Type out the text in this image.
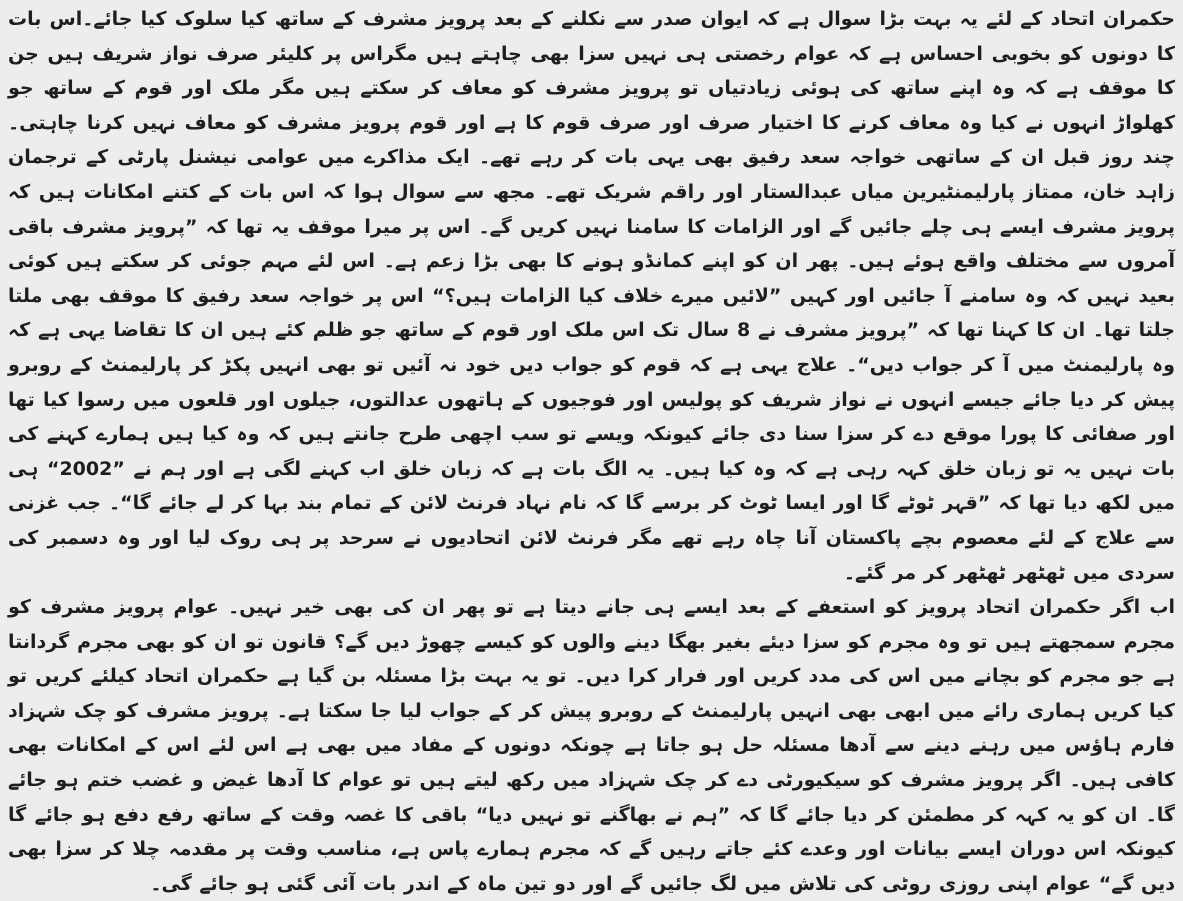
حکمران اتحاد کے لئے یہ بہت بڑا سوال ہے کہ ایوان صدر سے نکلنے کے بعد پرویز مشرف کے ساتھ کیا سلوک کیا جائے۔اس بات کا دونوں کو بخوبی احساس ہے کہ عوام رخصتی ہی نہیں سزا بھی چاہتے ہیں مگراس پر کلیئر صرف نواز شریف ہیں جن کا موقف ہے کہ وہ اپنے ساتھ کی ہوئی زیادتیاں تو پرویز مشرف کو معاف کر سکتے ہیں مگر ملک اور قوم کے ساتھ جو کھلواڑ انہوں نے کیا وہ معاف کرنے کا اختیار صرف اور صرف قوم کا ہے اور قوم پرویز مشرف کو معاف نہیں کرنا چاہتی۔ چند روز قبل ان کے ساتھی خواجہ سعد رفیق بھی یہی بات کر رہے تھے۔ ایک مذاکرے میں عوامی نیشنل پارٹی کے ترجمان زاہد خان، ممتاز پارلیمنٹیرین میاں عبدالستار اور راقم شریک تھے۔ مجھ سے سوال ہوا کہ اس بات کے کتنے امکانات ہیں کہ پرویز مشرف ایسے ہی چلے جائیں گے اور الزامات کا سامنا نہیں کریں گے۔ اس پر میرا موقف یہ تھا کہ ”پرویز مشرف باقی آمروں سے مختلف واقع ہوئے ہیں۔ پھر ان کو اپنے کمانڈو ہونے کا بھی بڑا زعم ہے۔ اس لئے مہم جوئی کر سکتے ہیں کوئی بعید نہیں کہ وہ سامنے آ جائیں اور کہیں ”لائیں میرے خلاف کیا الزامات ہیں؟“ اس پر خواجہ سعد رفیق کا موقف بھی ملتا جلتا تھا۔ ان کا کہنا تھا کہ ”پرویز مشرف نے 8 سال تک اس ملک اور قوم کے ساتھ جو ظلم کئے ہیں ان کا تقاضا یہی ہے کہ وہ پارلیمنٹ میں آ کر جواب دیں“۔ علاج یہی ہے کہ قوم کو جواب دیں خود نہ آئیں تو بھی انہیں پکڑ کر پارلیمنٹ کے روبرو پیش کر دیا جائے جیسے انہوں نے نواز شریف کو پولیس اور فوجیوں کے ہاتھوں عدالتوں، جیلوں اور قلعوں میں رسوا کیا تھا اور صفائی کا پورا موقع دے کر سزا سنا دی جائے کیونکہ ویسے تو سب اچھی طرح جانتے ہیں کہ وہ کیا ہیں ہمارے کہنے کی بات نہیں یہ تو زبان خلق کہہ رہی ہے کہ وہ کیا ہیں۔ یہ الگ بات ہے کہ زبان خلق اب کہنے لگی ہے اور ہم نے ”2002“ ہی میں لکھ دیا تھا کہ ”قہر ٹوٹے گا اور ایسا ٹوٹ کر برسے گا کہ نام نہاد فرنٹ لائن کے تمام بند بہا کر لے جائے گا“۔ جب غزنی سے علاج کے لئے معصوم بچے پاکستان آنا چاہ رہے تھے مگر فرنٹ لائن اتحادیوں نے سرحد پر ہی روک لیا اور وہ دسمبر کی سردی میں ٹھٹھر ٹھٹھر کر مر گئے۔

اب اگر حکمران اتحاد پرویز کو استعفے کے بعد ایسے ہی جانے دیتا ہے تو پھر ان کی بھی خیر نہیں۔ عوام پرویز مشرف کو مجرم سمجھتے ہیں تو وہ مجرم کو سزا دیئے بغیر بھگا دینے والوں کو کیسے چھوڑ دیں گے؟ قانون تو ان کو بھی مجرم گردانتا ہے جو مجرم کو بچانے میں اس کی مدد کریں اور فرار کرا دیں۔ تو یہ بہت بڑا مسئلہ بن گیا ہے حکمران اتحاد کیلئے کریں تو کیا کریں ہماری رائے میں ابھی بھی انہیں پارلیمنٹ کے روبرو پیش کر کے جواب لیا جا سکتا ہے۔ پرویز مشرف کو چک شہزاد فارم ہاؤس میں رہنے دینے سے آدھا مسئلہ حل ہو جاتا ہے چونکہ دونوں کے مفاد میں بھی ہے اس لئے اس کے امکانات بھی کافی ہیں۔ اگر پرویز مشرف کو سیکیورٹی دے کر چک شہزاد میں رکھ لیتے ہیں تو عوام کا آدھا غیض و غضب ختم ہو جائے گا۔ ان کو یہ کہہ کر مطمئن کر دیا جائے گا کہ ”ہم نے بھاگنے تو نہیں دیا“ باقی کا غصہ وقت کے ساتھ رفع دفع ہو جائے گا کیونکہ اس دوران ایسے بیانات اور وعدے کئے جاتے رہیں گے کہ مجرم ہمارے پاس ہے، مناسب وقت پر مقدمہ چلا کر سزا بھی دیں گے“ عوام اپنی روزی روٹی کی تلاش میں لگ جائیں گے اور دو تین ماہ کے اندر بات آئی گئی ہو جائے گی۔
